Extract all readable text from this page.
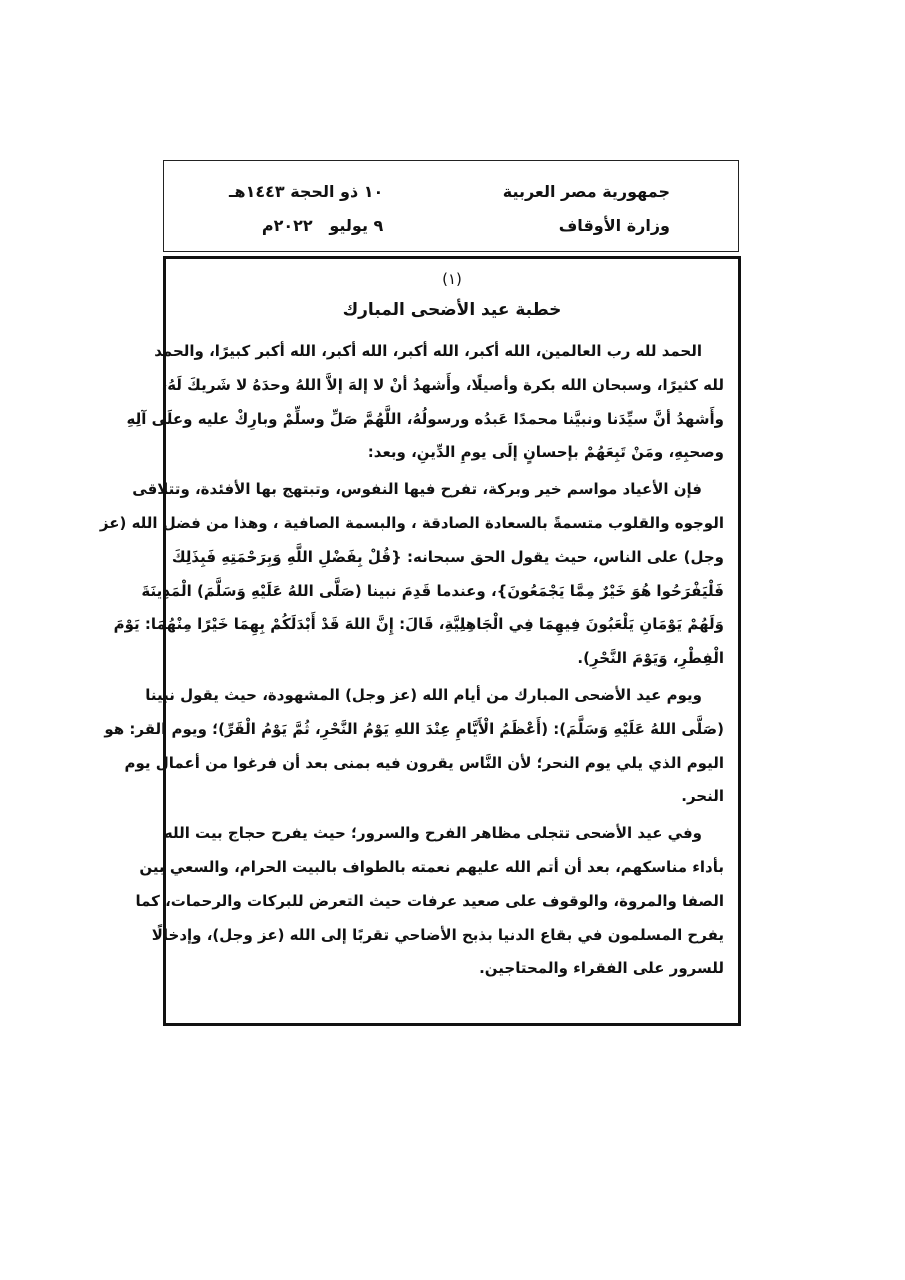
جمهورية مصر العربية
وزارة الأوقاف
١٠ ذو الحجة ١٤٤٣هـ
٩ يوليو   ٢٠٢٢م
(١)
خطبة عيد الأضحى المبارك
الحمد لله رب العالمين، الله أكبر، الله أكبر، الله أكبر، الله أكبر كبيرًا، والحمد
لله كثيرًا، وسبحان الله بكرة وأصيلًا، وأَشهدُ أنْ لا إلهَ إلاَّ اللهُ وحدَهُ لا شَريكَ لَهُ،
وأَشهدُ أنَّ سيِّدَنا ونبيَّنا محمدًا عَبدُه ورسولُهُ، اللَّهُمَّ صَلِّ وسلِّمْ وبارِكْ عليه وعلَى آلِهِ
وصحبِهِ، ومَنْ تَبِعَهُمْ بإحسانٍ إلَى يومِ الدِّينِ، وبعد:
فإن الأعياد مواسم خير وبركة، تفرح فيها النفوس، وتبتهج بها الأفئدة، وتتلاقى
الوجوه والقلوب متسمةً بالسعادة الصادقة ، والبسمة الصافية ، وهذا من فضل الله (عز
وجل) على الناس، حيث يقول الحق سبحانه: {قُلْ بِفَضْلِ اللَّهِ وَبِرَحْمَتِهِ فَبِذَلِكَ
فَلْيَفْرَحُوا هُوَ خَيْرٌ مِمَّا يَجْمَعُونَ}، وعندما قَدِمَ نبينا (صَلَّى اللهُ عَلَيْهِ وَسَلَّمَ) الْمَدِينَةَ
وَلَهُمْ يَوْمَانِ يَلْعَبُونَ فِيهِمَا فِي الْجَاهِلِيَّةِ، قَالَ: إِنَّ اللهَ قَدْ أَبْدَلَكُمْ بِهِمَا خَيْرًا مِنْهُمَا: يَوْمَ
الْفِطْرِ، وَيَوْمَ النَّحْرِ).
ويوم عيد الأضحى المبارك من أيام الله (عز وجل) المشهودة، حيث يقول نبينا
(صَلَّى اللهُ عَلَيْهِ وَسَلَّمَ): (أَعْظَمُ الْأَيَّامِ عِنْدَ اللهِ يَوْمُ النَّحْرِ، ثُمَّ يَوْمُ الْقَرِّ)؛ ويوم القر: هو
اليوم الذي يلي يوم النحر؛ لأن النَّاس يقرون فيه بمنى بعد أن فرغوا من أعمال يوم
النحر.
وفي عيد الأضحى تتجلى مظاهر الفرح والسرور؛ حيث يفرح حجاج بيت الله
بأداء مناسكهم، بعد أن أتم الله عليهم نعمته بالطواف بالبيت الحرام، والسعي بين
الصفا والمروة، والوقوف على صعيد عرفات حيث التعرض للبركات والرحمات، كما
يفرح المسلمون في بقاع الدنيا بذبح الأضاحي تقربًا إلى الله (عز وجل)، وإدخالًا
للسرور على الفقراء والمحتاجين.
